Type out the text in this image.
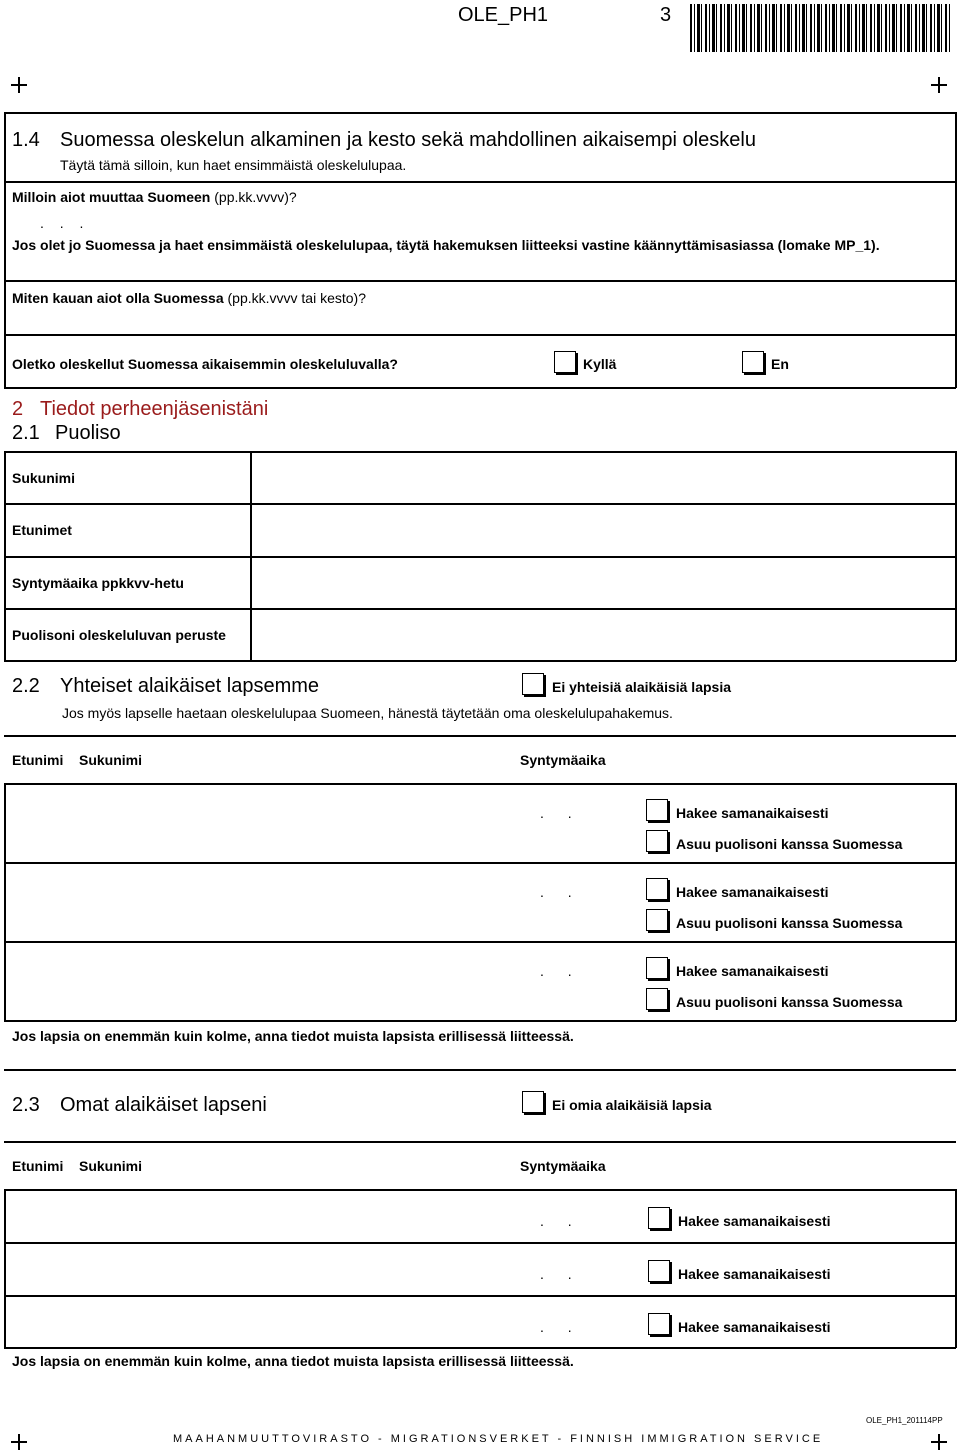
OLE_PH1	3
1.4 Suomessa oleskelun alkaminen ja kesto sekä mahdollinen aikaisempi oleskelu
Täytä tämä silloin, kun haet ensimmäistä oleskelulupaa.
Milloin aiot muuttaa Suomeen (pp.kk.vvvv)?
. . .
Jos olet jo Suomessa ja haet ensimmäistä oleskelulupaa, täytä hakemuksen liitteeksi vastine käännyttämisasiassa (lomake MP_1).
Miten kauan aiot olla Suomessa (pp.kk.vvvv tai kesto)?
Oletko oleskellut Suomessa aikaisemmin oleskeluluvalla?	Kyllä	En
2 Tiedot perheenjäsenistäni
2.1 Puoliso
Sukunimi
Etunimet
Syntymäaika ppkkvv-hetu
Puolisoni oleskeluluvan peruste
2.2 Yhteiset alaikäiset lapsemme	Ei yhteisiä alaikäisiä lapsia
Jos myös lapselle haetaan oleskelulupaa Suomeen, hänestä täytetään oma oleskelulupahakemus.
Etunimi Sukunimi	Syntymäaika
. .	Hakee samanaikaisesti
Asuu puolisoni kanssa Suomessa
. .	Hakee samanaikaisesti
Asuu puolisoni kanssa Suomessa
. .	Hakee samanaikaisesti
Asuu puolisoni kanssa Suomessa
Jos lapsia on enemmän kuin kolme, anna tiedot muista lapsista erillisessä liitteessä.
2.3 Omat alaikäiset lapseni	Ei omia alaikäisiä lapsia
Etunimi Sukunimi	Syntymäaika
. .	Hakee samanaikaisesti
. .	Hakee samanaikaisesti
. .	Hakee samanaikaisesti
Jos lapsia on enemmän kuin kolme, anna tiedot muista lapsista erillisessä liitteessä.
OLE_PH1_201114PP
MAAHANMUUTTOVIRASTO - MIGRATIONSVERKET - FINNISH IMMIGRATION SERVICE
